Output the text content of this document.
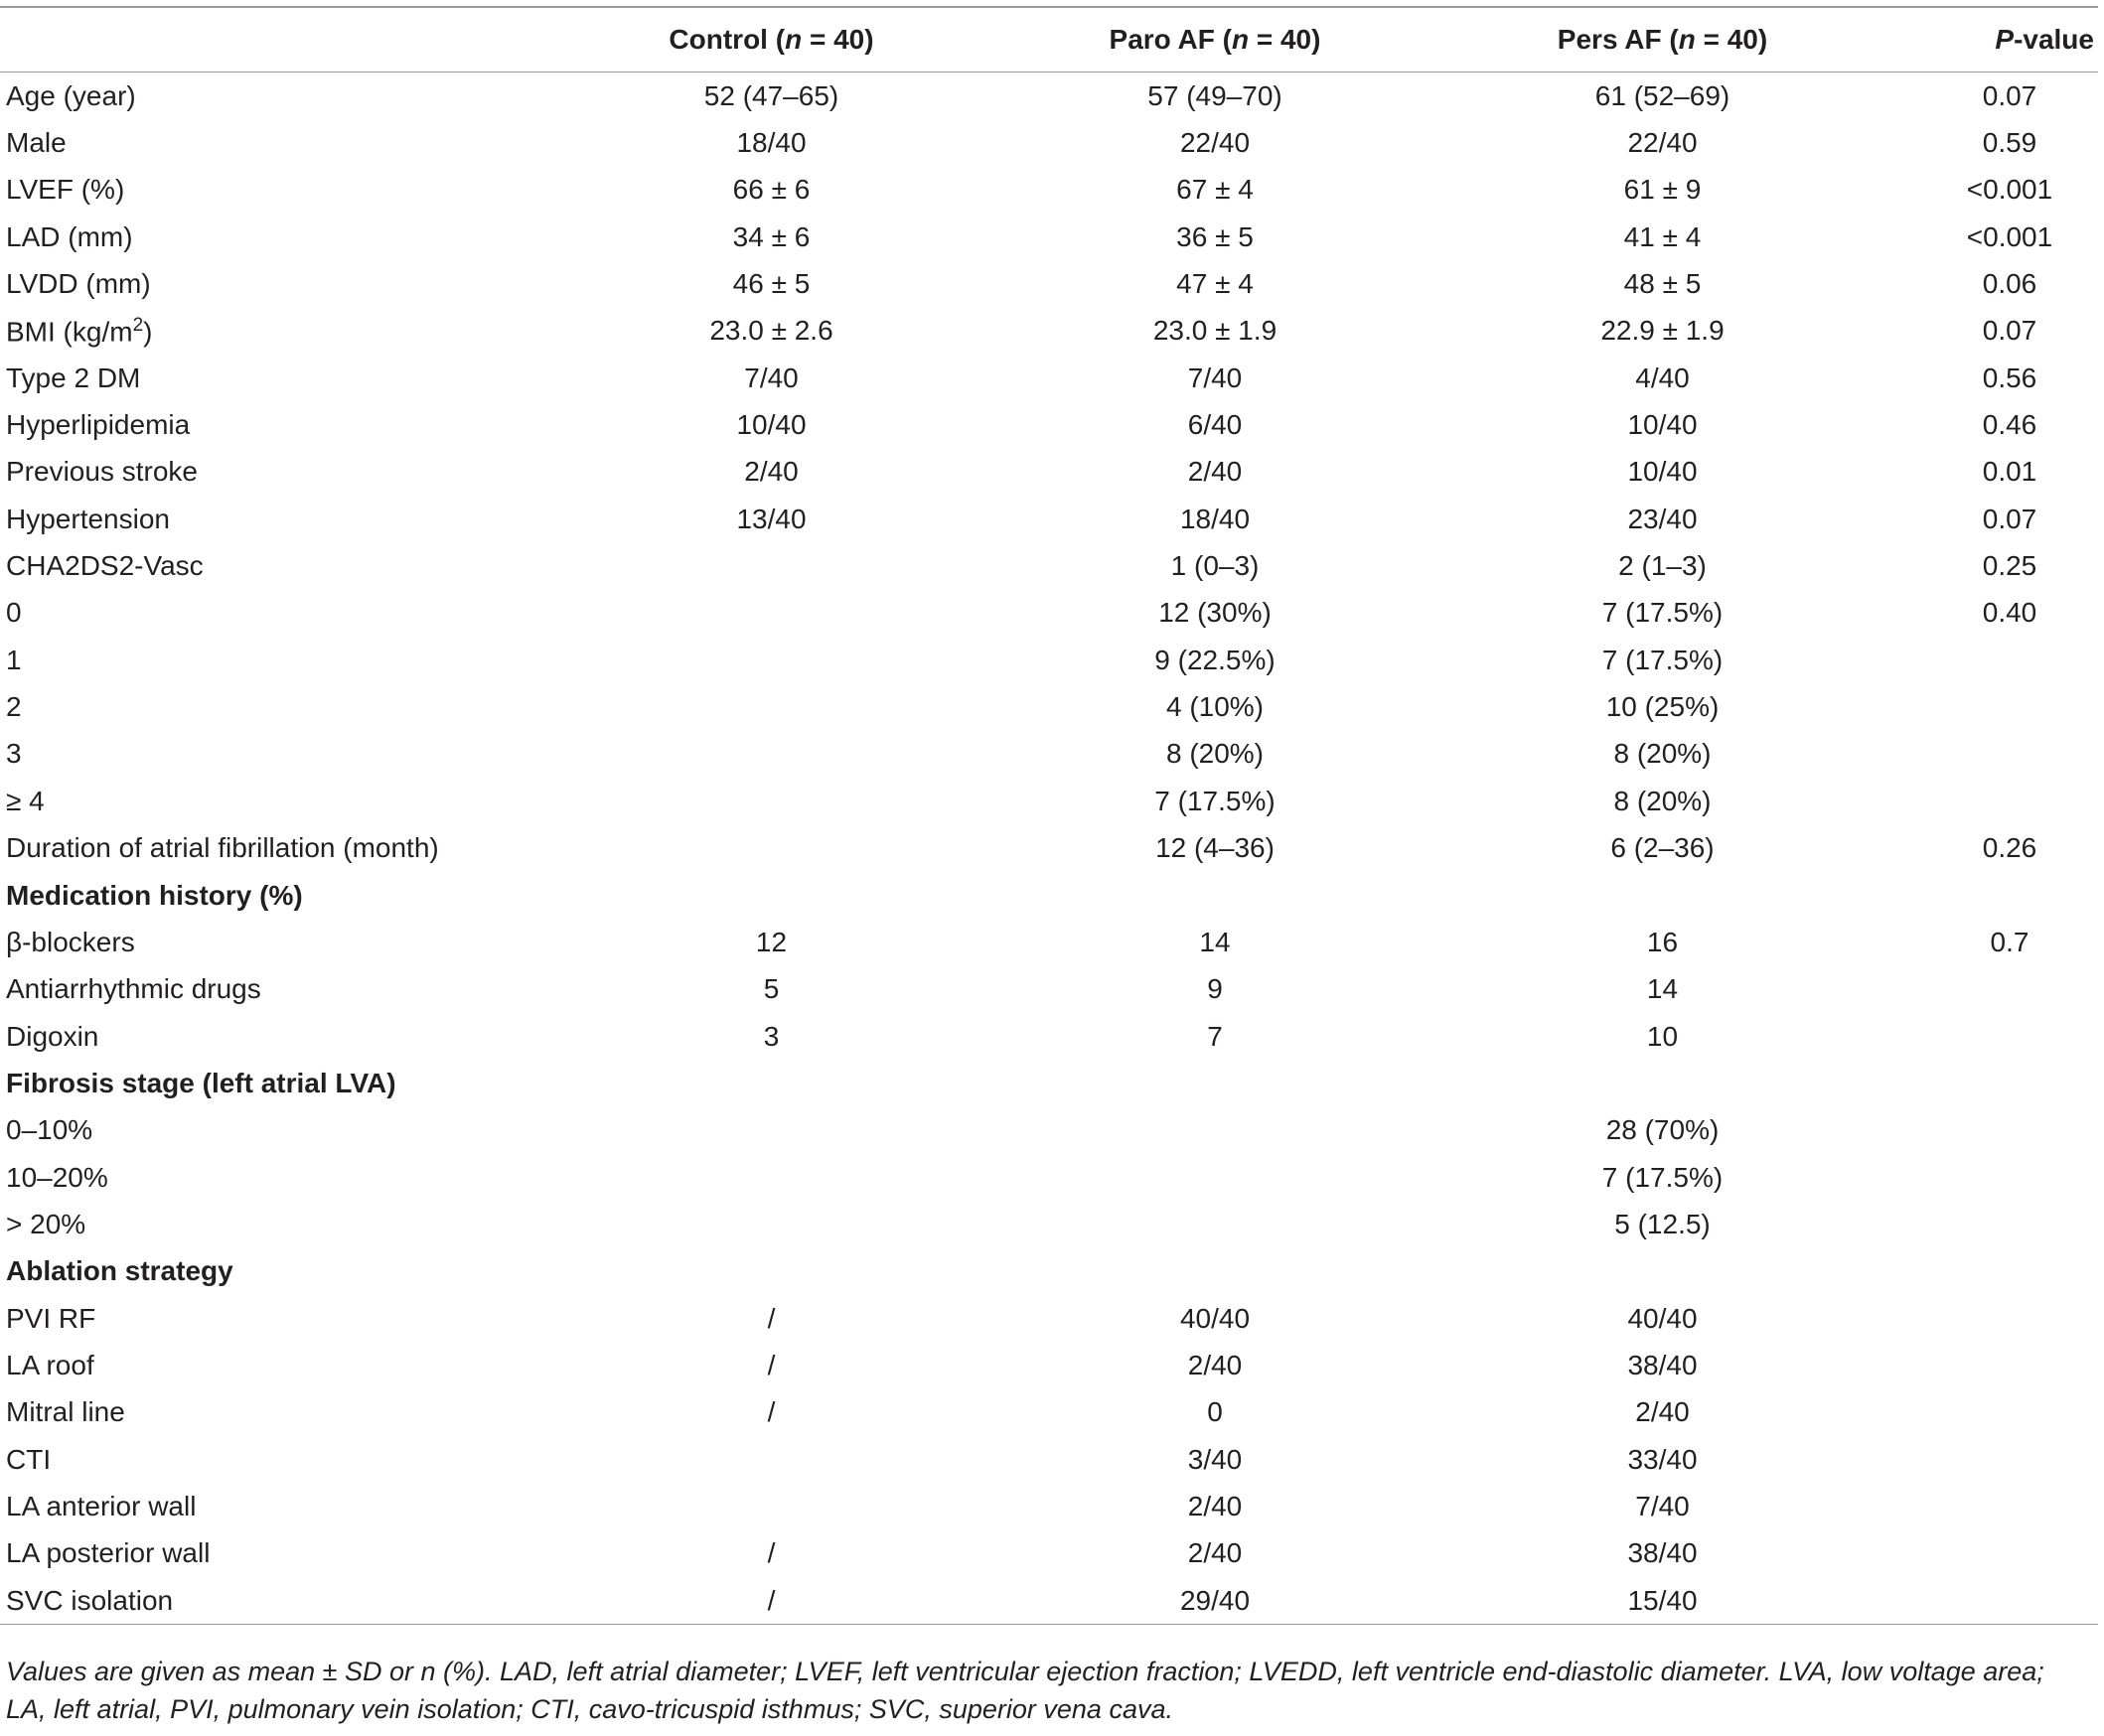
	Control (n = 40)	Paro AF (n = 40)	Pers AF (n = 40)	P-value
Age (year)	52 (47–65)	57 (49–70)	61 (52–69)	0.07
Male	18/40	22/40	22/40	0.59
LVEF (%)	66 ± 6	67 ± 4	61 ± 9	<0.001
LAD (mm)	34 ± 6	36 ± 5	41 ± 4	<0.001
LVDD (mm)	46 ± 5	47 ± 4	48 ± 5	0.06
BMI $(kg/m^2)$	23.0 ± 2.6	23.0 ± 1.9	22.9 ± 1.9	0.07
Type 2 DM	7/40	7/40	4/40	0.56
Hyperlipidemia	10/40	6/40	10/40	0.46
Previous stroke	2/40	2/40	10/40	0.01
Hypertension	13/40	18/40	23/40	0.07
CHA2DS2-Vasc		1 (0–3)	2 (1–3)	0.25
0		12 (30%)	7 (17.5%)	0.40
1		9 (22.5%)	7 (17.5%)	
2		4 (10%)	10 (25%)	
3		8 (20%)	8 (20%)	
≥ 4		7 (17.5%)	8 (20%)	
Duration of atrial fibrillation (month)		12 (4–36)	6 (2–36)	0.26
Medication history (%)				
β-blockers	12	14	16	0.7
Antiarrhythmic drugs	5	9	14	
Digoxin	3	7	10	
Fibrosis stage (left atrial LVA)				
0–10%			28 (70%)	
10–20%			7 (17.5%)	
> 20%			5 (12.5)	
Ablation strategy				
PVI RF	/	40/40	40/40	
LA roof	/	2/40	38/40	
Mitral line	/	0	2/40	
CTI		3/40	33/40	
LA anterior wall		2/40	7/40	
LA posterior wall	/	2/40	38/40	
SVC isolation	/	29/40	15/40	
Values are given as mean ± SD or n (%). LAD, left atrial diameter; LVEF, left ventricular ejection fraction; LVEDD, left ventricle end-diastolic diameter. LVA, low voltage area;
LA, left atrial, PVI, pulmonary vein isolation; CTI, cavo-tricuspid isthmus; SVC, superior vena cava.
